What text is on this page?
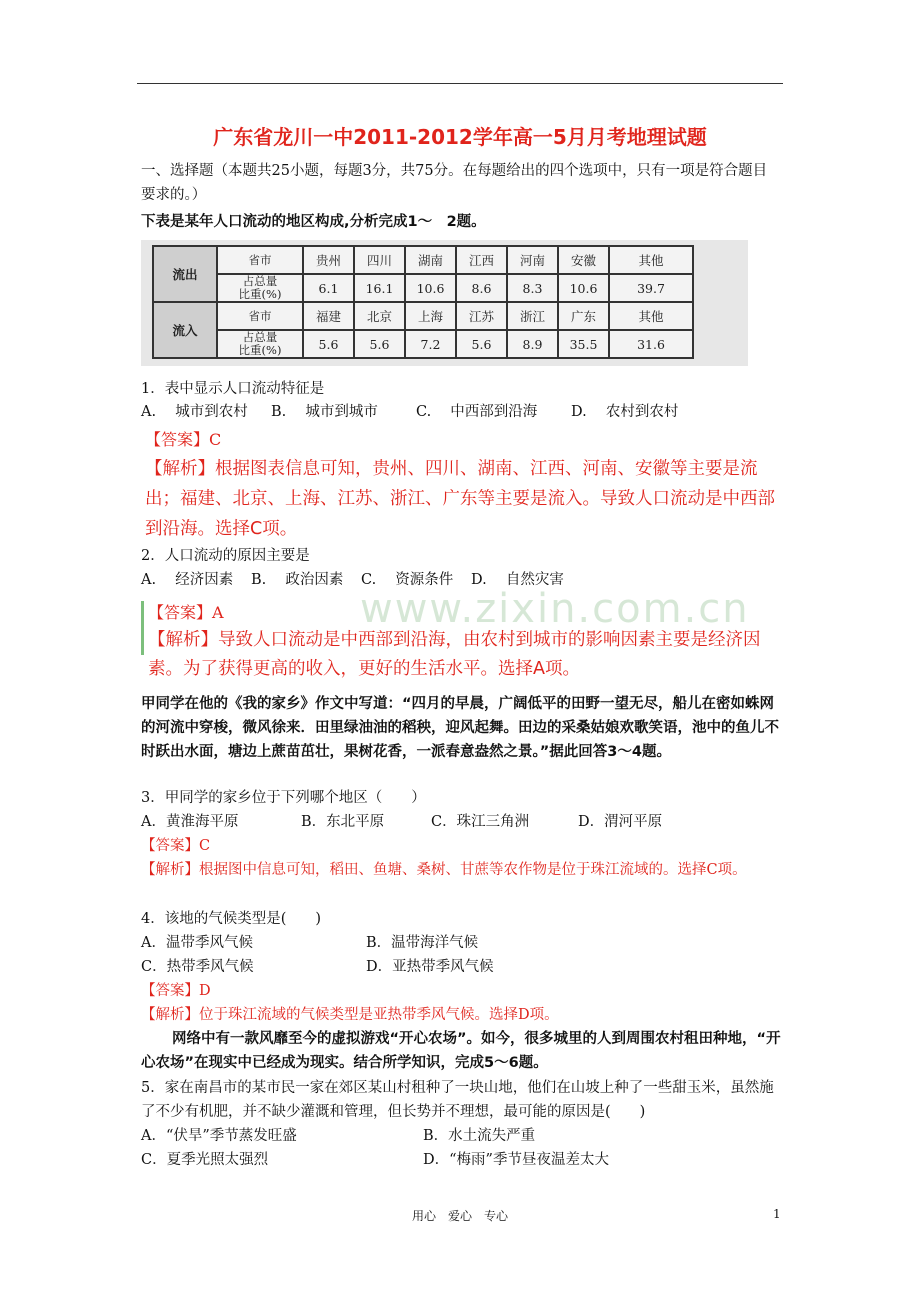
广东省龙川一中2011-2012学年高一5月月考地理试题
一、选择题（本题共25小题，每题3分，共75分。在每题给出的四个选项中，只有一项是符合题目要求的。）
下表是某年人口流动的地区构成,分析完成1～　2题。
流出	省市	贵州	四川	湖南	江西	河南	安徽	其他
	占总量
比重(%)	6.1	16.1	10.6	8.6	8.3	10.6	39.7
流入	省市	福建	北京	上海	江苏	浙江	广东	其他
	占总量
比重(%)	5.6	5.6	7.2	5.6	8.9	35.5	31.6
1．表中显示人口流动特征是
A.　 城市到农村 B.　 城市到城市	C.　 中西部到沿海 D.　 农村到农村
【答案】C
【解析】根据图表信息可知，贵州、四川、湖南、江西、河南、安徽等主要是流出；福建、北京、上海、江苏、浙江、广东等主要是流入。导致人口流动是中西部到沿海。选择C项。
2．人口流动的原因主要是
A.　 经济因素 B.　 政治因素 C.　 资源条件 D.　 自然灾害
www.zixin.com.cn
【答案】A
【解析】导致人口流动是中西部到沿海，由农村到城市的影响因素主要是经济因素。为了获得更高的收入，更好的生活水平。选择A项。
甲同学在他的《我的家乡》作文中写道：“四月的早晨，广阔低平的田野一望无尽，船儿在密如蛛网的河流中穿梭，微风徐来．田里绿油油的稻秧，迎风起舞。田边的采桑姑娘欢歌笑语，池中的鱼儿不时跃出水面，塘边上蔗苗茁壮，果树花香，一派春意盎然之景。”据此回答3～4题。
3．甲同学的家乡位于下列哪个地区（　　）
A．黄淮海平原	B．东北平原	C．珠江三角洲	D．渭河平原
【答案】C
【解析】根据图中信息可知，稻田、鱼塘、桑树、甘蔗等农作物是位于珠江流域的。选择C项。
4．该地的气候类型是(　　)
A．温带季风气候	B．温带海洋气候
C．热带季风气候	D．亚热带季风气候
【答案】D
【解析】位于珠江流域的气候类型是亚热带季风气候。选择D项。
网络中有一款风靡至今的虚拟游戏“开心农场”。如今，很多城里的人到周围农村租田种地，“开心农场”在现实中已经成为现实。结合所学知识，完成5～6题。
5．家在南昌市的某市民一家在郊区某山村租种了一块山地，他们在山坡上种了一些甜玉米，虽然施了不少有机肥，并不缺少灌溉和管理，但长势并不理想，最可能的原因是(　　)
A．“伏旱”季节蒸发旺盛	B．水土流失严重
C．夏季光照太强烈	D．“梅雨”季节昼夜温差太大
用心　爱心　专心	1
